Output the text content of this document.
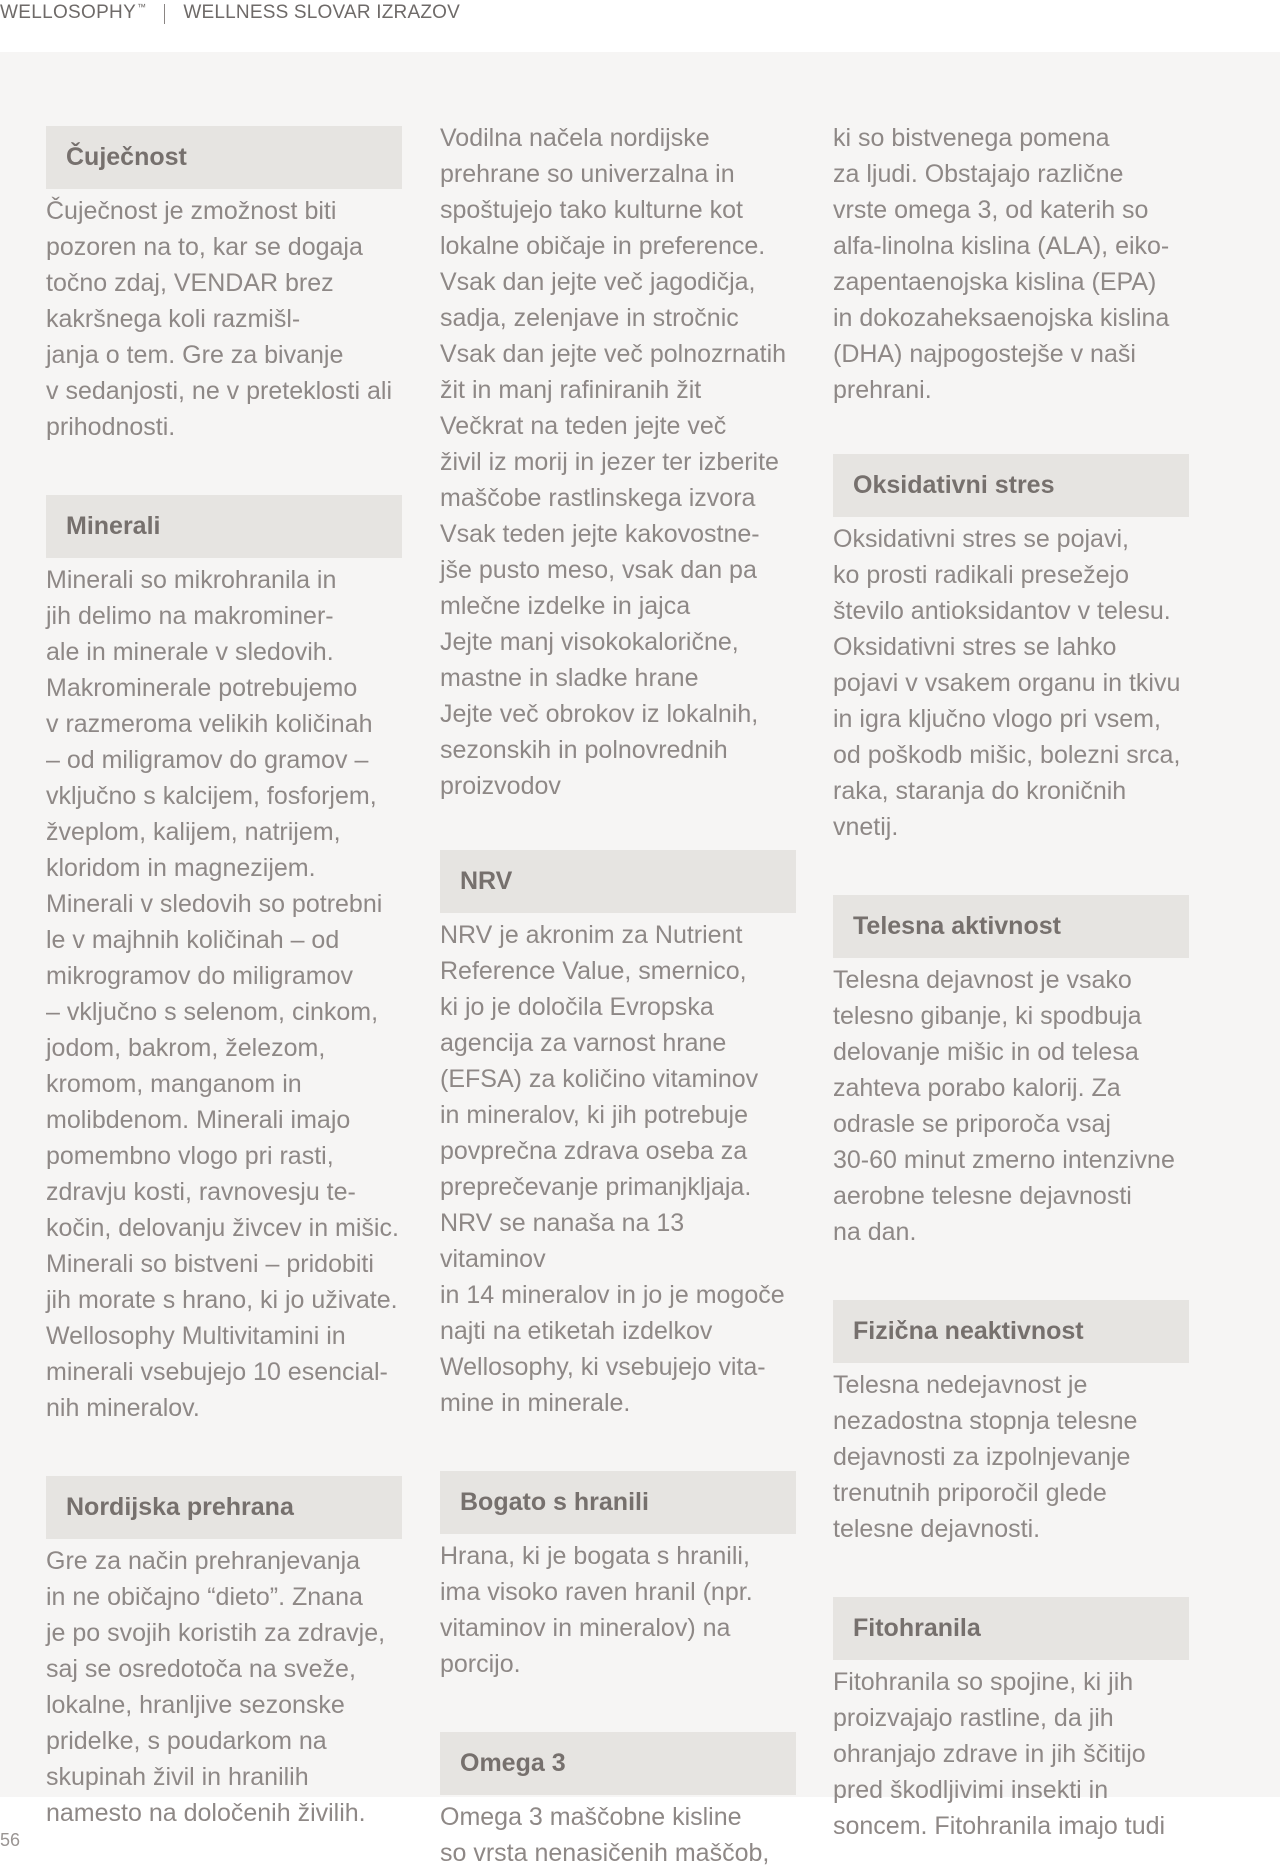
WELLOSOPHY™ WELLNESS SLOVAR IZRAZOV
Čuječnost
Čuječnost je zmožnost biti
pozoren na to, kar se dogaja
točno zdaj, VENDAR brez
kakršnega koli razmišl-
janja o tem. Gre za bivanje
v sedanjosti, ne v preteklosti ali
prihodnosti.
Minerali
Minerali so mikrohranila in
jih delimo na makrominer-
ale in minerale v sledovih.
Makrominerale potrebujemo
v razmeroma velikih količinah
– od miligramov do gramov –
vključno s kalcijem, fosforjem,
žveplom, kalijem, natrijem,
kloridom in magnezijem.
Minerali v sledovih so potrebni
le v majhnih količinah – od
mikrogramov do miligramov
– vključno s selenom, cinkom,
jodom, bakrom, železom,
kromom, manganom in
molibdenom. Minerali imajo
pomembno vlogo pri rasti,
zdravju kosti, ravnovesju te-
kočin, delovanju živcev in mišic.
Minerali so bistveni – pridobiti
jih morate s hrano, ki jo uživate.
Wellosophy Multivitamini in
minerali vsebujejo 10 esencial-
nih mineralov.
Nordijska prehrana
Gre za način prehranjevanja
in ne običajno “dieto”. Znana
je po svojih koristih za zdravje,
saj se osredotoča na sveže,
lokalne, hranljive sezonske
pridelke, s poudarkom na
skupinah živil in hranilih
namesto na določenih živilih.
Vodilna načela nordijske
prehrane so univerzalna in
spoštujejo tako kulturne kot
lokalne običaje in preference.
Vsak dan jejte več jagodičja,
sadja, zelenjave in stročnic
Vsak dan jejte več polnozrnatih
žit in manj rafiniranih žit
Večkrat na teden jejte več
živil iz morij in jezer ter izberite
maščobe rastlinskega izvora
Vsak teden jejte kakovostne-
jše pusto meso, vsak dan pa
mlečne izdelke in jajca
Jejte manj visokokalorične,
mastne in sladke hrane
Jejte več obrokov iz lokalnih,
sezonskih in polnovrednih
proizvodov
NRV
NRV je akronim za Nutrient
Reference Value, smernico,
ki jo je določila Evropska
agencija za varnost hrane
(EFSA) za količino vitaminov
in mineralov, ki jih potrebuje
povprečna zdrava oseba za
preprečevanje primanjkljaja.
NRV se nanaša na 13 vitaminov
in 14 mineralov in jo je mogoče
najti na etiketah izdelkov
Wellosophy, ki vsebujejo vita-
mine in minerale.
Bogato s hranili
Hrana, ki je bogata s hranili,
ima visoko raven hranil (npr.
vitaminov in mineralov) na
porcijo.
Omega 3
Omega 3 maščobne kisline
so vrsta nenasičenih maščob,
ki so bistvenega pomena
za ljudi. Obstajajo različne
vrste omega 3, od katerih so
alfa-linolna kislina (ALA), eiko-
zapentaenojska kislina (EPA)
in dokozaheksaenojska kislina
(DHA) najpogostejše v naši
prehrani.
Oksidativni stres
Oksidativni stres se pojavi,
ko prosti radikali presežejo
število antioksidantov v telesu.
Oksidativni stres se lahko
pojavi v vsakem organu in tkivu
in igra ključno vlogo pri vsem,
od poškodb mišic, bolezni srca,
raka, staranja do kroničnih
vnetij.
Telesna aktivnost
Telesna dejavnost je vsako
telesno gibanje, ki spodbuja
delovanje mišic in od telesa
zahteva porabo kalorij. Za
odrasle se priporoča vsaj
30-60 minut zmerno intenzivne
aerobne telesne dejavnosti
na dan.
Fizična neaktivnost
Telesna nedejavnost je
nezadostna stopnja telesne
dejavnosti za izpolnjevanje
trenutnih priporočil glede
telesne dejavnosti.
Fitohranila
Fitohranila so spojine, ki jih
proizvajajo rastline, da jih
ohranjajo zdrave in jih ščitijo
pred škodljivimi insekti in
soncem. Fitohranila imajo tudi
56
